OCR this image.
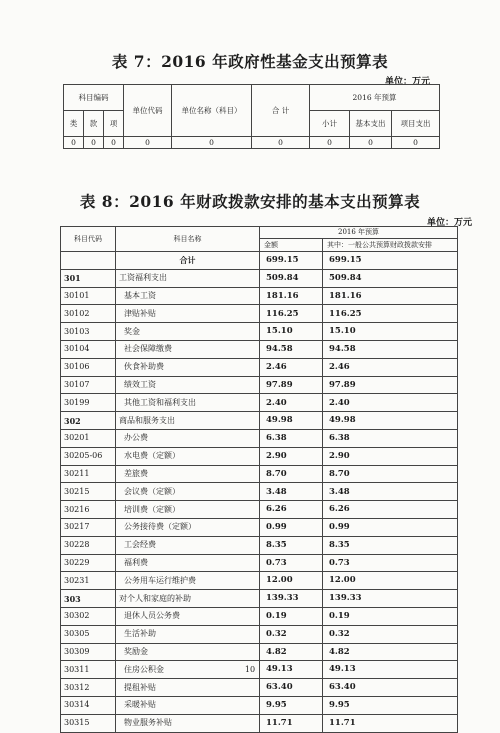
表 7：2016 年政府性基金支出预算表
单位：万元
科目编码			单位代码	单位名称（科目）	合 计	2016 年预算		
类	款	项				小计	基本支出	项目支出
0	0	0	0	0	0	0	0	0
表 8：2016 年财政拨款安排的基本支出预算表
单位：万元
科目代码	科目名称	2016 年预算	
		金额	其中：一般公共预算财政拨款安排
	合计	699.15	699.15
301	工资福利支出	509.84	509.84
30101	基本工资	181.16	181.16
30102	津贴补贴	116.25	116.25
30103	奖金	15.10	15.10
30104	社会保障缴费	94.58	94.58
30106	伙食补助费	2.46	2.46
30107	绩效工资	97.89	97.89
30199	其他工资和福利支出	2.40	2.40
302	商品和服务支出	49.98	49.98
30201	办公费	6.38	6.38
30205-06	水电费（定额）	2.90	2.90
30211	差旅费	8.70	8.70
30215	会议费（定额）	3.48	3.48
30216	培训费（定额）	6.26	6.26
30217	公务接待费（定额）	0.99	0.99
30228	工会经费	8.35	8.35
30229	福利费	0.73	0.73
30231	公务用车运行维护费	12.00	12.00
303	对个人和家庭的补助	139.33	139.33
30302	退休人员公务费	0.19	0.19
30305	生活补助	0.32	0.32
30309	奖励金	4.82	4.82
30311	住房公积金	49.13	49.13
30312	提租补贴	63.40	63.40
30314	采暖补贴	9.95	9.95
30315	物业服务补贴	11.71	11.71
10
